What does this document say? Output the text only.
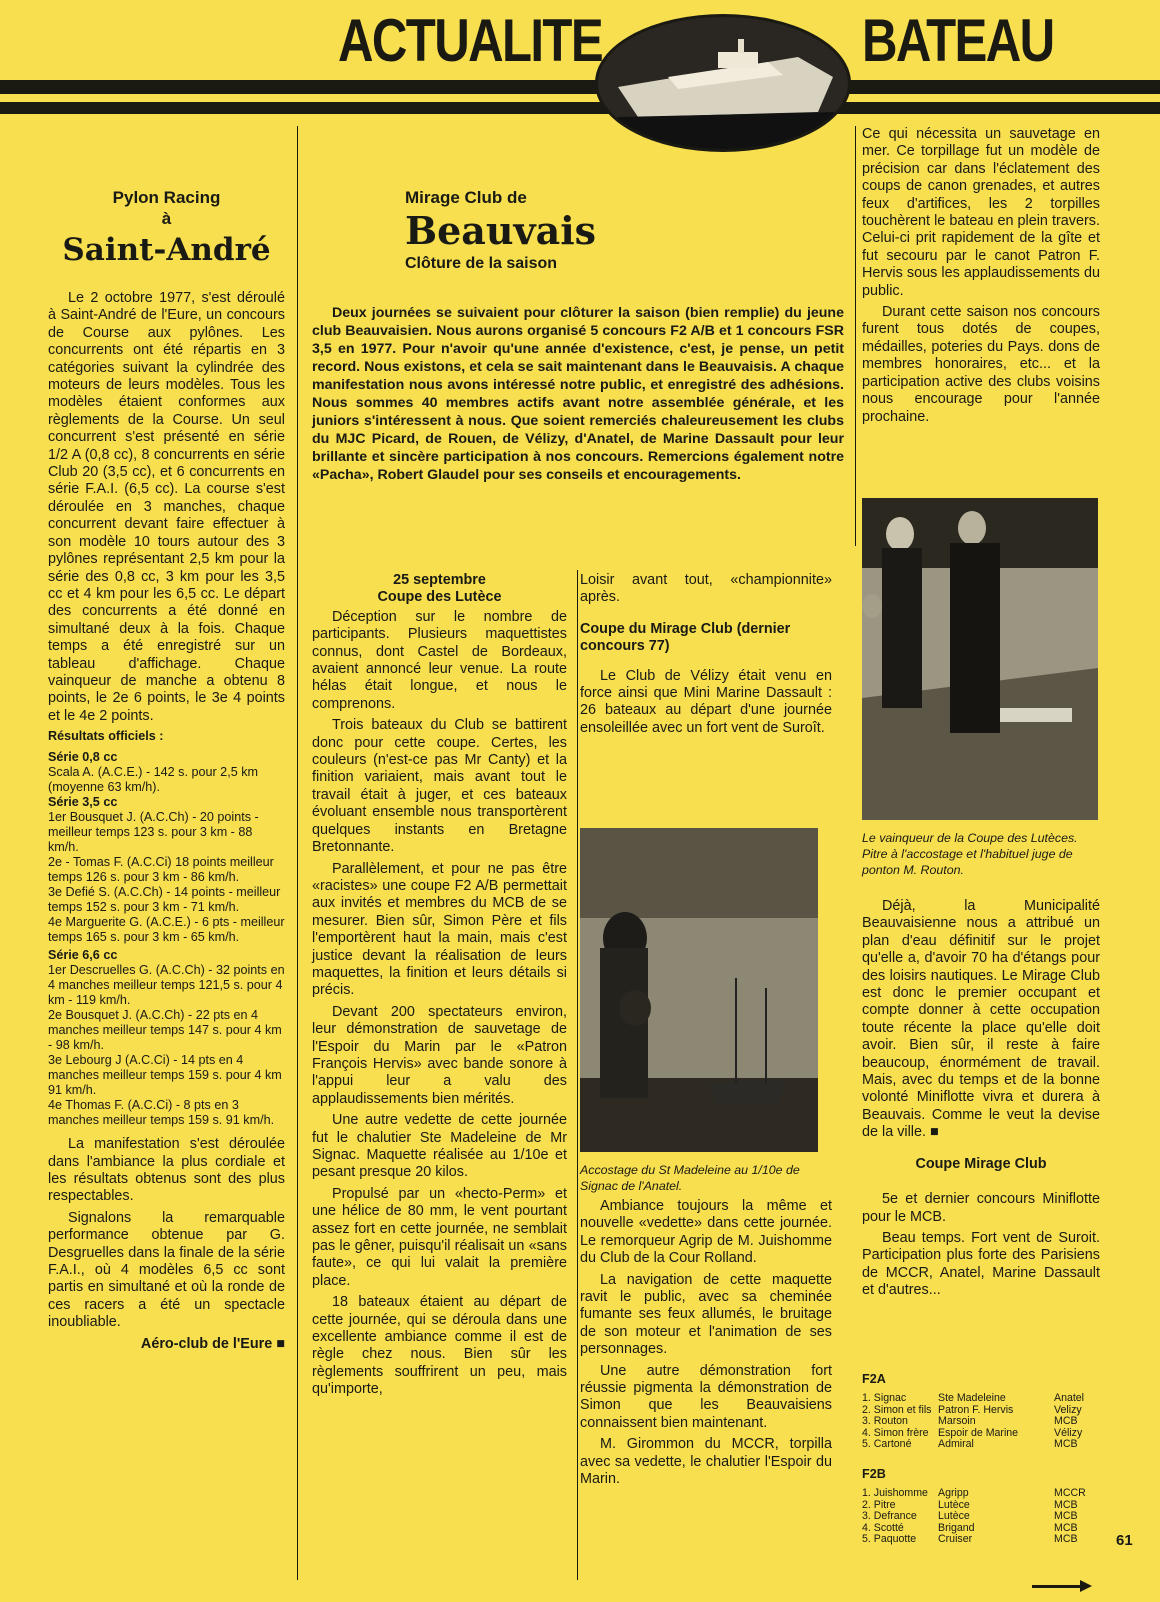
ACTUALITE	BATEAU
Pylon Racing
à
Saint-André

Le 2 octobre 1977, s'est déroulé à Saint-André de l'Eure, un concours de Course aux pylônes. Les concurrents ont été répartis en 3 catégories suivant la cylindrée des moteurs de leurs modèles. Tous les modèles étaient conformes aux règlements de la Course. Un seul concurrent s'est présenté en série 1/2 A (0,8 cc), 8 concurrents en série Club 20 (3,5 cc), et 6 concurrents en série F.A.I. (6,5 cc). La course s'est déroulée en 3 manches, chaque concurrent devant faire effectuer à son modèle 10 tours autour des 3 pylônes représentant 2,5 km pour la série des 0,8 cc, 3 km pour les 3,5 cc et 4 km pour les 6,5 cc. Le départ des concurrents a été donné en simultané deux à la fois. Chaque temps a été enregistré sur un tableau d'affichage. Chaque vainqueur de manche a obtenu 8 points, le 2e 6 points, le 3e 4 points et le 4e 2 points.

Résultats officiels :
Série 0,8 cc
Scala A. (A.C.E.) - 142 s. pour 2,5 km (moyenne 63 km/h).
Série 3,5 cc
1er Bousquet J. (A.C.Ch) - 20 points - meilleur temps 123 s. pour 3 km - 88 km/h.
2e - Tomas F. (A.C.Ci) 18 points meilleur temps 126 s. pour 3 km - 86 km/h.
3e Defié S. (A.C.Ch) - 14 points - meilleur temps 152 s. pour 3 km - 71 km/h.
4e Marguerite G. (A.C.E.) - 6 pts - meilleur temps 165 s. pour 3 km - 65 km/h.
Série 6,6 cc
1er Descruelles G. (A.C.Ch) - 32 points en 4 manches meilleur temps 121,5 s. pour 4 km - 119 km/h.
2e Bousquet J. (A.C.Ch) - 22 pts en 4 manches meilleur temps 147 s. pour 4 km - 98 km/h.
3e Lebourg J (A.C.Ci) - 14 pts en 4 manches meilleur temps 159 s. pour 4 km 91 km/h.
4e Thomas F. (A.C.Ci) - 8 pts en 3 manches meilleur temps 159 s. 91 km/h.

La manifestation s'est déroulée dans l'ambiance la plus cordiale et les résultats obtenus sont des plus respectables.

Signalons la remarquable performance obtenue par G. Desgruelles dans la finale de la série F.A.I., où 4 modèles 6,5 cc sont partis en simultané et où la ronde de ces racers a été un spectacle inoubliable.

Aéro-club de l'Eure ■
Mirage Club de
Beauvais
Clôture de la saison

Deux journées se suivaient pour clôturer la saison (bien remplie) du jeune club Beauvaisien. Nous aurons organisé 5 concours F2 A/B et 1 concours FSR 3,5 en 1977. Pour n'avoir qu'une année d'existence, c'est, je pense, un petit record. Nous existons, et cela se sait maintenant dans le Beauvaisis. A chaque manifestation nous avons intéressé notre public, et enregistré des adhésions. Nous sommes 40 membres actifs avant notre assemblée générale, et les juniors s'intéressent à nous. Que soient remerciés chaleureusement les clubs du MJC Picard, de Rouen, de Vélizy, d'Anatel, de Marine Dassault pour leur brillante et sincère participation à nos concours. Remercions également notre «Pacha», Robert Glaudel pour ses conseils et encouragements.

25 septembre
Coupe des Lutèce

Déception sur le nombre de participants. Plusieurs maquettistes connus, dont Castel de Bordeaux, avaient annoncé leur venue. La route hélas était longue, et nous le comprenons.

Trois bateaux du Club se battirent donc pour cette coupe. Certes, les couleurs (n'est-ce pas Mr Canty) et la finition variaient, mais avant tout le travail était à juger, et ces bateaux évoluant ensemble nous transportèrent quelques instants en Bretagne Bretonnante.

Parallèlement, et pour ne pas être «racistes» une coupe F2 A/B permettait aux invités et membres du MCB de se mesurer. Bien sûr, Simon Père et fils l'emportèrent haut la main, mais c'est justice devant la réalisation de leurs maquettes, la finition et leurs détails si précis.

Devant 200 spectateurs environ, leur démonstration de sauvetage de l'Espoir du Marin par le «Patron François Hervis» avec bande sonore à l'appui leur a valu des applaudissements bien mérités.

Une autre vedette de cette journée fut le chalutier Ste Madeleine de Mr Signac. Maquette réalisée au 1/10e et pesant presque 20 kilos.

Propulsé par un «hecto-Perm» et une hélice de 80 mm, le vent pourtant assez fort en cette journée, ne semblait pas le gêner, puisqu'il réalisait un «sans faute», ce qui lui valait la première place.

18 bateaux étaient au départ de cette journée, qui se déroula dans une excellente ambiance comme il est de règle chez nous. Bien sûr les règlements souffrirent un peu, mais qu'importe,

Loisir avant tout, «championnite» après.

Coupe du Mirage Club (dernier concours 77)

Le Club de Vélizy était venu en force ainsi que Mini Marine Dassault : 26 bateaux au départ d'une journée ensoleillée avec un fort vent de Suroît.

Accostage du St Madeleine au 1/10e de Signac de l'Anatel.

Ambiance toujours la même et nouvelle «vedette» dans cette journée. Le remorqueur Agrip de M. Juishomme du Club de la Cour Rolland.

La navigation de cette maquette ravit le public, avec sa cheminée fumante ses feux allumés, le bruitage de son moteur et l'animation de ses personnages.

Une autre démonstration fort réussie pigmenta la démonstration de Simon que les Beauvaisiens connaissent bien maintenant.

M. Girommon du MCCR, torpilla avec sa vedette, le chalutier l'Espoir du Marin.

Ce qui nécessita un sauvetage en mer. Ce torpillage fut un modèle de précision car dans l'éclatement des coups de canon grenades, et autres feux d'artifices, les 2 torpilles touchèrent le bateau en plein travers. Celui-ci prit rapidement de la gîte et fut secouru par le canot Patron F. Hervis sous les applaudissements du public.

Durant cette saison nos concours furent tous dotés de coupes, médailles, poteries du Pays. dons de membres honoraires, etc... et la participation active des clubs voisins nous encourage pour l'année prochaine.

Le vainqueur de la Coupe des Lutèces. Pitre à l'accostage et l'habituel juge de ponton M. Routon.

Déjà, la Municipalité Beauvaisienne nous a attribué un plan d'eau définitif sur le projet qu'elle a, d'avoir 70 ha d'étangs pour des loisirs nautiques. Le Mirage Club est donc le premier occupant et compte donner à cette occupation toute récente la place qu'elle doit avoir. Bien sûr, il reste à faire beaucoup, énormément de travail. Mais, avec du temps et de la bonne volonté Miniflotte vivra et durera à Beauvais. Comme le veut la devise de la ville. ■

Coupe Mirage Club

5e et dernier concours Miniflotte pour le MCB.

Beau temps. Fort vent de Suroit. Participation plus forte des Parisiens de MCCR, Anatel, Marine Dassault et d'autres...

F2A
1. Signac	Ste Madeleine	Anatel
2. Simon et fils	Patron F. Hervis	Velizy
3. Routon	Marsoin	MCB
4. Simon frère	Espoir de Marine	Vélizy
5. Cartoné	Admiral	MCB
F2B
1. Juishomme	Agripp	MCCR
2. Pitre	Lutèce	MCB
3. Defrance	Lutèce	MCB
4. Scotté	Brigand	MCB
5. Paquotte	Cruiser	MCB	61
